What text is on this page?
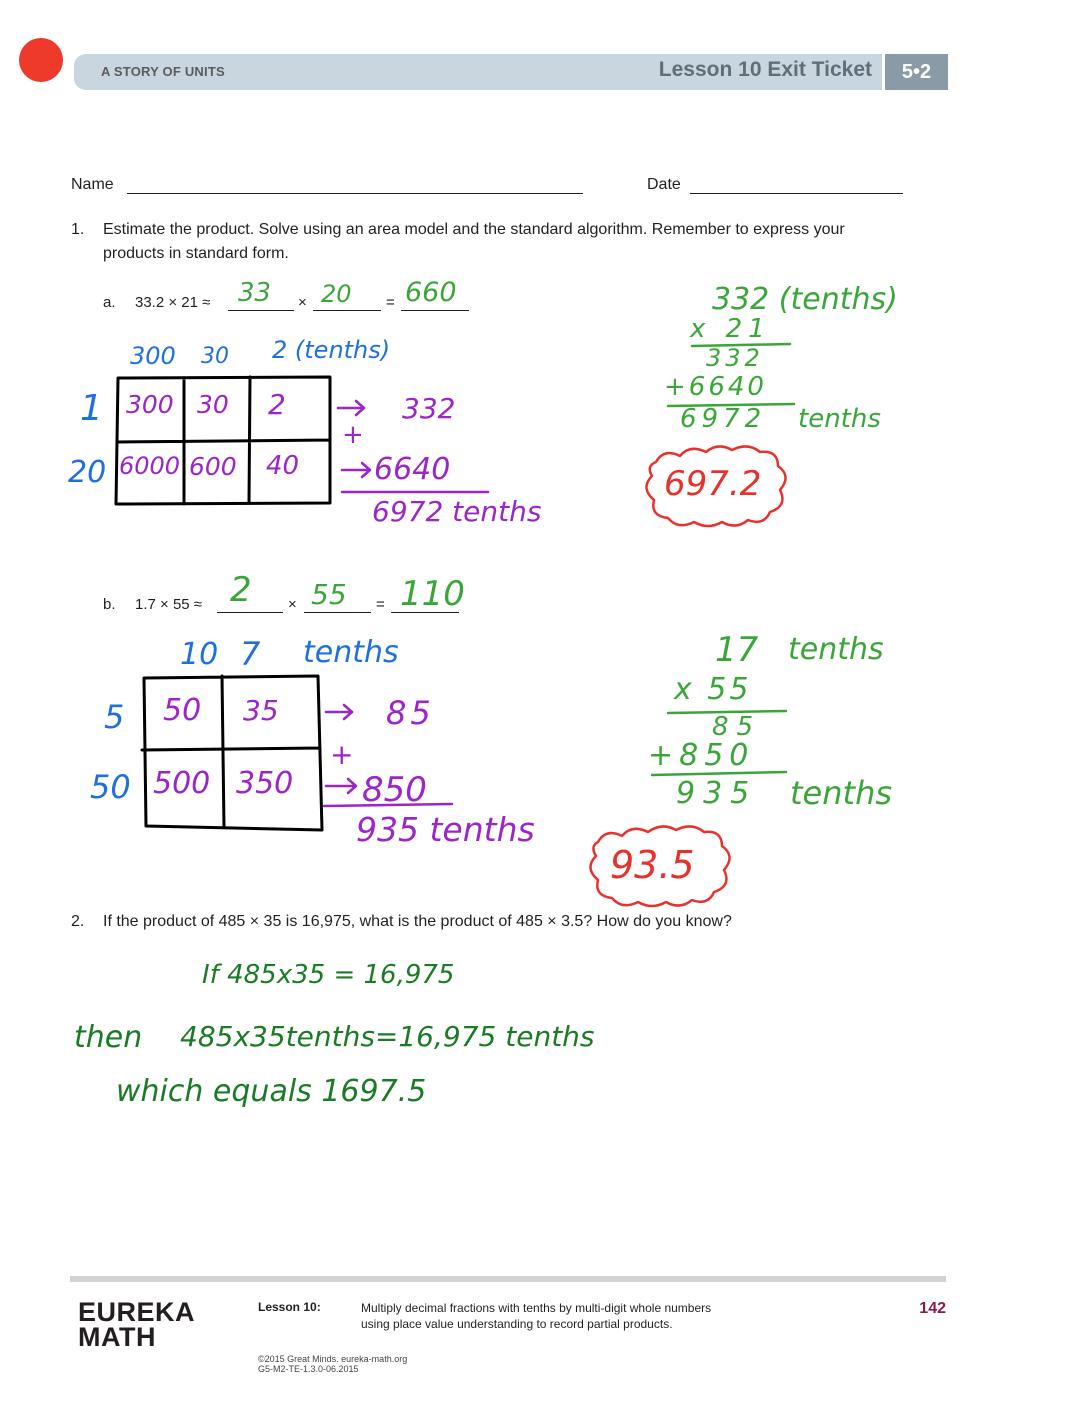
A STORY OF UNITS	Lesson 10 Exit Ticket	5•2
Name	Date
1. Estimate the product. Solve using an area model and the standard algorithm. Remember to express your
products in standard form.
a. 33.2 × 21 ≈	×	=
33 20 660
300 30 2 (tenths)
1
20
300 30 2
6000 600 40
332
+
6640
6972 tenths
332 (tenths)
x 21
332
+6640
6972 tenths
697.2
b. 1.7 × 55 ≈	×	=
2 55 110
10 7 tenths
5
50
50 35
500 350
85
+
850
935 tenths
17 tenths
x 55
85
+850
935 tenths
93.5
2. If the product of 485 × 35 is 16,975, what is the product of 485 × 3.5? How do you know?
If 485x35 = 16,975
then 485x35tenths=16,975 tenths
which equals 1697.5
EUREKA
MATH
Lesson 10:	Multiply decimal fractions with tenths by multi-digit whole numbers
using place value understanding to record partial products.
142
©2015 Great Minds. eureka-math.org
G5-M2-TE-1.3.0-06.2015
